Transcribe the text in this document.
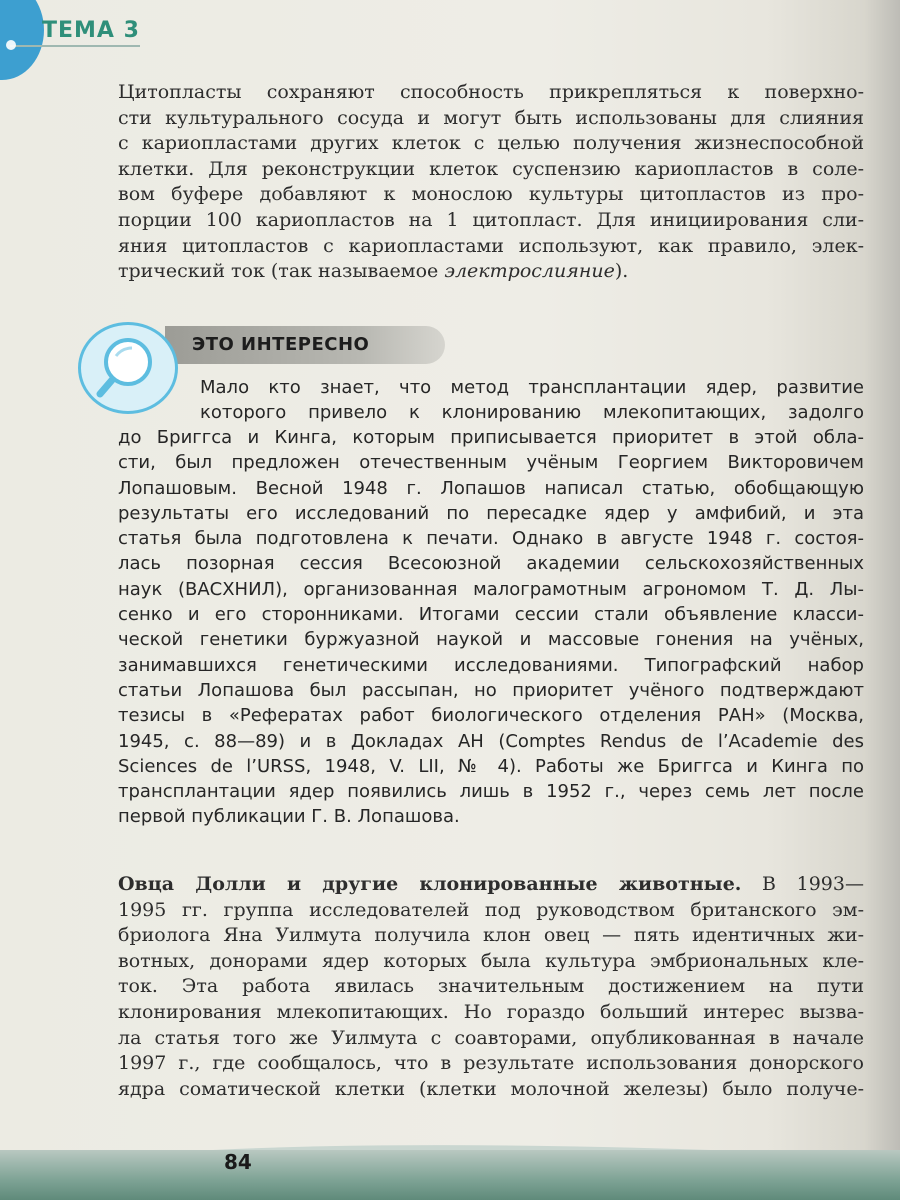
ТЕМА 3
Цитопласты сохраняют способность прикрепляться к поверхно-
сти культурального сосуда и могут быть использованы для слияния
с кариопластами других клеток с целью получения жизнеспособной
клетки. Для реконструкции клеток суспензию кариопластов в соле-
вом буфере добавляют к монослою культуры цитопластов из про-
порции 100 кариопластов на 1 цитопласт. Для инициирования сли-
яния цитопластов с кариопластами используют, как правило, элек-
трический ток (так называемое электрослияние).
ЭТО ИНТЕРЕСНО
Мало кто знает, что метод трансплантации ядер, развитие
которого привело к клонированию млекопитающих, задолго
до Бриггса и Кинга, которым приписывается приоритет в этой обла-
сти, был предложен отечественным учёным Георгием Викторовичем
Лопашовым. Весной 1948 г. Лопашов написал статью, обобщающую
результаты его исследований по пересадке ядер у амфибий, и эта
статья была подготовлена к печати. Однако в августе 1948 г. состоя-
лась позорная сессия Всесоюзной академии сельскохозяйственных
наук (ВАСХНИЛ), организованная малограмотным агрономом Т. Д. Лы-
сенко и его сторонниками. Итогами сессии стали объявление класси-
ческой генетики буржуазной наукой и массовые гонения на учёных,
занимавшихся генетическими исследованиями. Типографский набор
статьи Лопашова был рассыпан, но приоритет учёного подтверждают
тезисы в «Рефератах работ биологического отделения РАН» (Москва,
1945, с. 88—89) и в Докладах АН (Comptes Rendus de l’Academie des
Sciences de l’URSS, 1948, V. LII, № 4). Работы же Бриггса и Кинга по
трансплантации ядер появились лишь в 1952 г., через семь лет после
первой публикации Г. В. Лопашова.
Овца Долли и другие клонированные животные. В 1993—
1995 гг. группа исследователей под руководством британского эм-
бриолога Яна Уилмута получила клон овец — пять идентичных жи-
вотных, донорами ядер которых была культура эмбриональных кле-
ток. Эта работа явилась значительным достижением на пути
клонирования млекопитающих. Но гораздо больший интерес вызва-
ла статья того же Уилмута с соавторами, опубликованная в начале
1997 г., где сообщалось, что в результате использования донорского
ядра соматической клетки (клетки молочной железы) было получе-
84
